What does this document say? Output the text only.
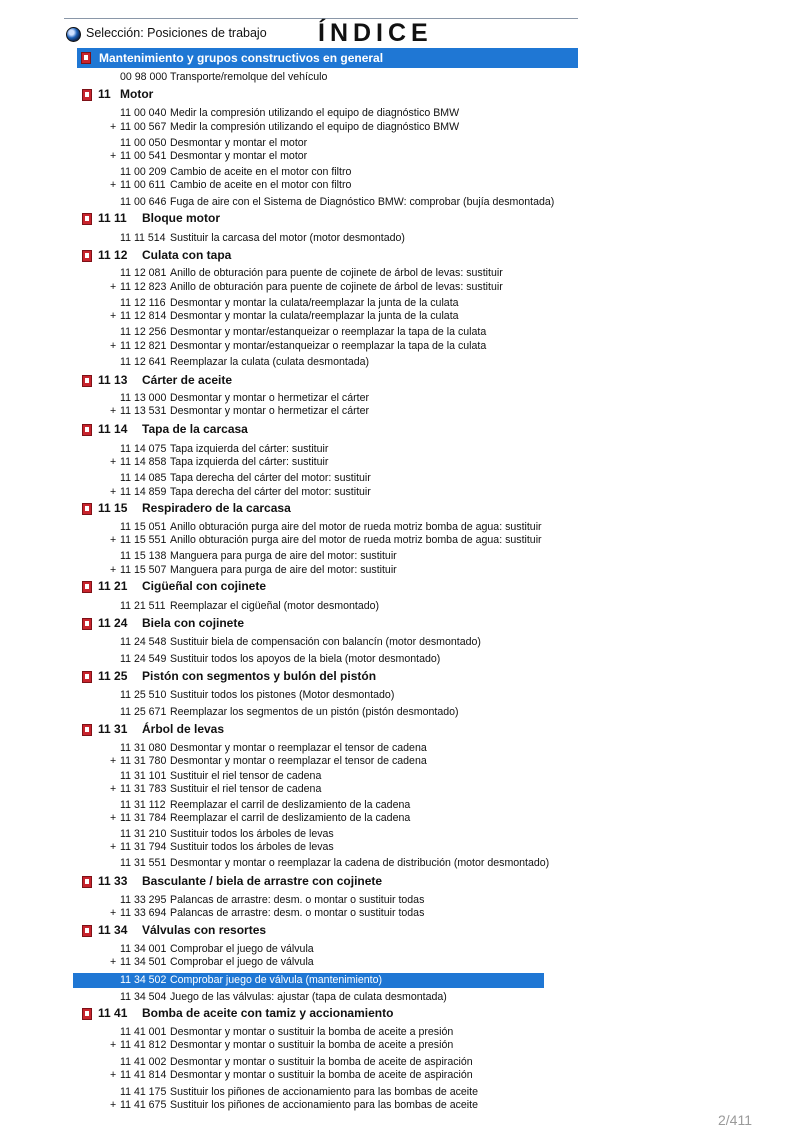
Selección: Posiciones de trabajo ÍNDICE
Mantenimiento y grupos constructivos en general
00 98 000 Transporte/remolque del vehículo
11 Motor
11 00 040 Medir la compresión utilizando el equipo de diagnóstico BMW
+ 11 00 567 Medir la compresión utilizando el equipo de diagnóstico BMW
11 00 050 Desmontar y montar el motor
+ 11 00 541 Desmontar y montar el motor
11 00 209 Cambio de aceite en el motor con filtro
+ 11 00 611 Cambio de aceite en el motor con filtro
11 00 646 Fuga de aire con el Sistema de Diagnóstico BMW: comprobar (bujía desmontada)
11 11 Bloque motor
11 11 514 Sustituir la carcasa del motor (motor desmontado)
11 12 Culata con tapa
11 12 081 Anillo de obturación para puente de cojinete de árbol de levas: sustituir
+ 11 12 823 Anillo de obturación para puente de cojinete de árbol de levas: sustituir
11 12 116 Desmontar y montar la culata/reemplazar la junta de la culata
+ 11 12 814 Desmontar y montar la culata/reemplazar la junta de la culata
11 12 256 Desmontar y montar/estanqueizar o reemplazar la tapa de la culata
+ 11 12 821 Desmontar y montar/estanqueizar o reemplazar la tapa de la culata
11 12 641 Reemplazar la culata (culata desmontada)
11 13 Cárter de aceite
11 13 000 Desmontar y montar o hermetizar el cárter
+ 11 13 531 Desmontar y montar o hermetizar el cárter
11 14 Tapa de la carcasa
11 14 075 Tapa izquierda del cárter: sustituir
+ 11 14 858 Tapa izquierda del cárter: sustituir
11 14 085 Tapa derecha del cárter del motor: sustituir
+ 11 14 859 Tapa derecha del cárter del motor: sustituir
11 15 Respiradero de la carcasa
11 15 051 Anillo obturación purga aire del motor de rueda motriz bomba de agua: sustituir
+ 11 15 551 Anillo obturación purga aire del motor de rueda motriz bomba de agua: sustituir
11 15 138 Manguera para purga de aire del motor: sustituir
+ 11 15 507 Manguera para purga de aire del motor: sustituir
11 21 Cigüeñal con cojinete
11 21 511 Reemplazar el cigüeñal (motor desmontado)
11 24 Biela con cojinete
11 24 548 Sustituir biela de compensación con balancín (motor desmontado)
11 24 549 Sustituir todos los apoyos de la biela (motor desmontado)
11 25 Pistón con segmentos y bulón del pistón
11 25 510 Sustituir todos los pistones (Motor desmontado)
11 25 671 Reemplazar los segmentos de un pistón (pistón desmontado)
11 31 Árbol de levas
11 31 080 Desmontar y montar o reemplazar el tensor de cadena
+ 11 31 780 Desmontar y montar o reemplazar el tensor de cadena
11 31 101 Sustituir el riel tensor de cadena
+ 11 31 783 Sustituir el riel tensor de cadena
11 31 112 Reemplazar el carril de deslizamiento de la cadena
+ 11 31 784 Reemplazar el carril de deslizamiento de la cadena
11 31 210 Sustituir todos los árboles de levas
+ 11 31 794 Sustituir todos los árboles de levas
11 31 551 Desmontar y montar o reemplazar la cadena de distribución (motor desmontado)
11 33 Basculante / biela de arrastre con cojinete
11 33 295 Palancas de arrastre: desm. o montar o sustituir todas
+ 11 33 694 Palancas de arrastre: desm. o montar o sustituir todas
11 34 Válvulas con resortes
11 34 001 Comprobar el juego de válvula
+ 11 34 501 Comprobar el juego de válvula
11 34 502 Comprobar juego de válvula (mantenimiento)
11 34 504 Juego de las válvulas: ajustar (tapa de culata desmontada)
11 41 Bomba de aceite con tamiz y accionamiento
11 41 001 Desmontar y montar o sustituir la bomba de aceite a presión
+ 11 41 812 Desmontar y montar o sustituir la bomba de aceite a presión
11 41 002 Desmontar y montar o sustituir la bomba de aceite de aspiración
+ 11 41 814 Desmontar y montar o sustituir la bomba de aceite de aspiración
11 41 175 Sustituir los piñones de accionamiento para las bombas de aceite
+ 11 41 675 Sustituir los piñones de accionamiento para las bombas de aceite
2/411
